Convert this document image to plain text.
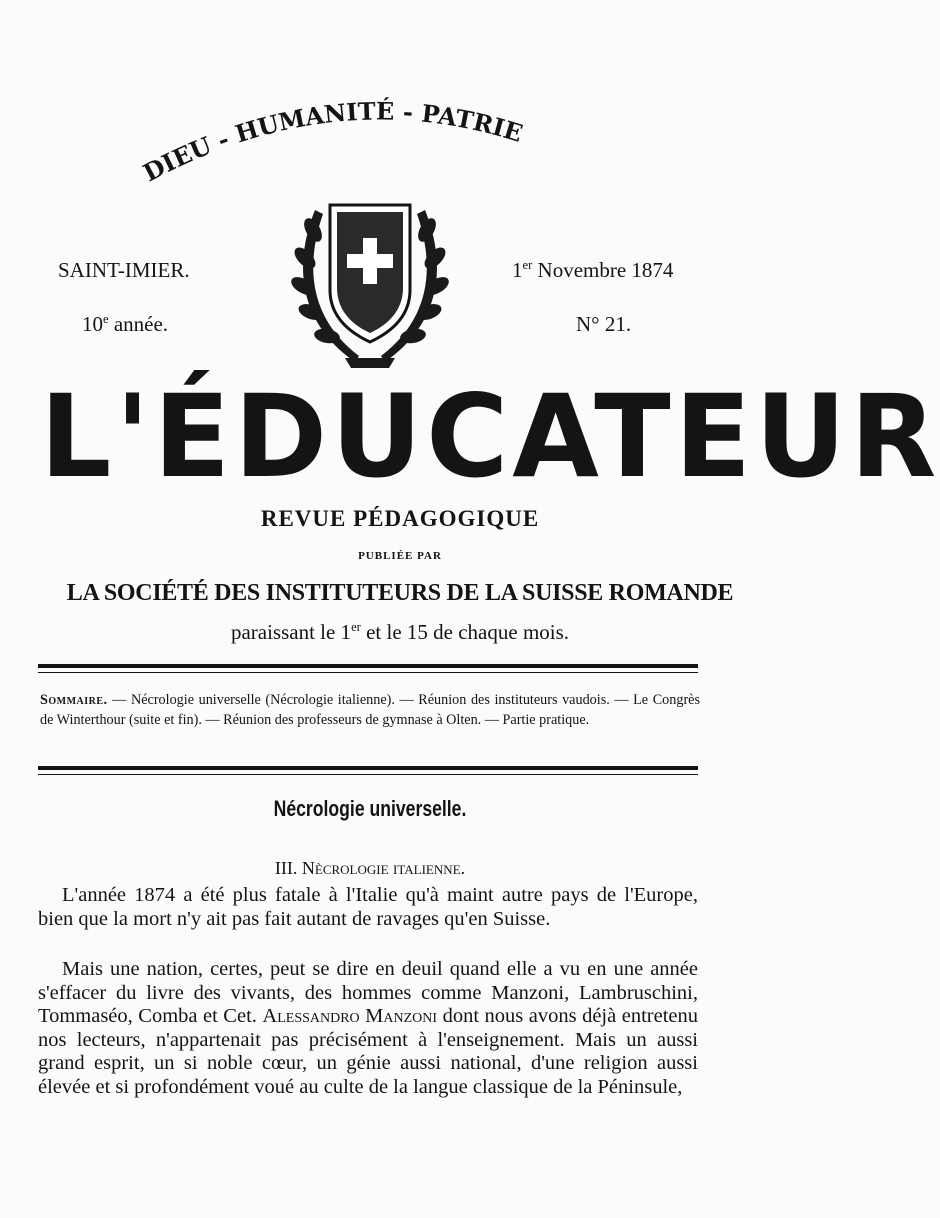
DIEU - HUMANITÉ - PATRIE
SAINT-IMIER.
10e année.
1er Novembre 1874
N° 21.
L'ÉDUCATEUR
REVUE PÉDAGOGIQUE
PUBLIÉE PAR
LA SOCIÉTÉ DES INSTITUTEURS DE LA SUISSE ROMANDE
paraissant le 1er et le 15 de chaque mois.
Sommaire. — Nécrologie universelle (Nécrologie italienne). — Réunion des instituteurs vaudois. — Le Congrès de Winterthour (suite et fin). — Réunion des professeurs de gymnase à Olten. — Partie pratique.
Nécrologie universelle.
III. Nècrologie italienne.

L'année 1874 a été plus fatale à l'Italie qu'à maint autre pays de l'Europe, bien que la mort n'y ait pas fait autant de ravages qu'en Suisse.

Mais une nation, certes, peut se dire en deuil quand elle a vu en une année s'effacer du livre des vivants, des hommes comme Manzoni, Lambruschini, Tommaséo, Comba et Cet. Alessandro Manzoni dont nous avons déjà entretenu nos lecteurs, n'appartenait pas précisément à l'enseignement. Mais un aussi grand esprit, un si noble cœur, un génie aussi national, d'une religion aussi élevée et si profondément voué au culte de la langue classique de la Péninsule,
